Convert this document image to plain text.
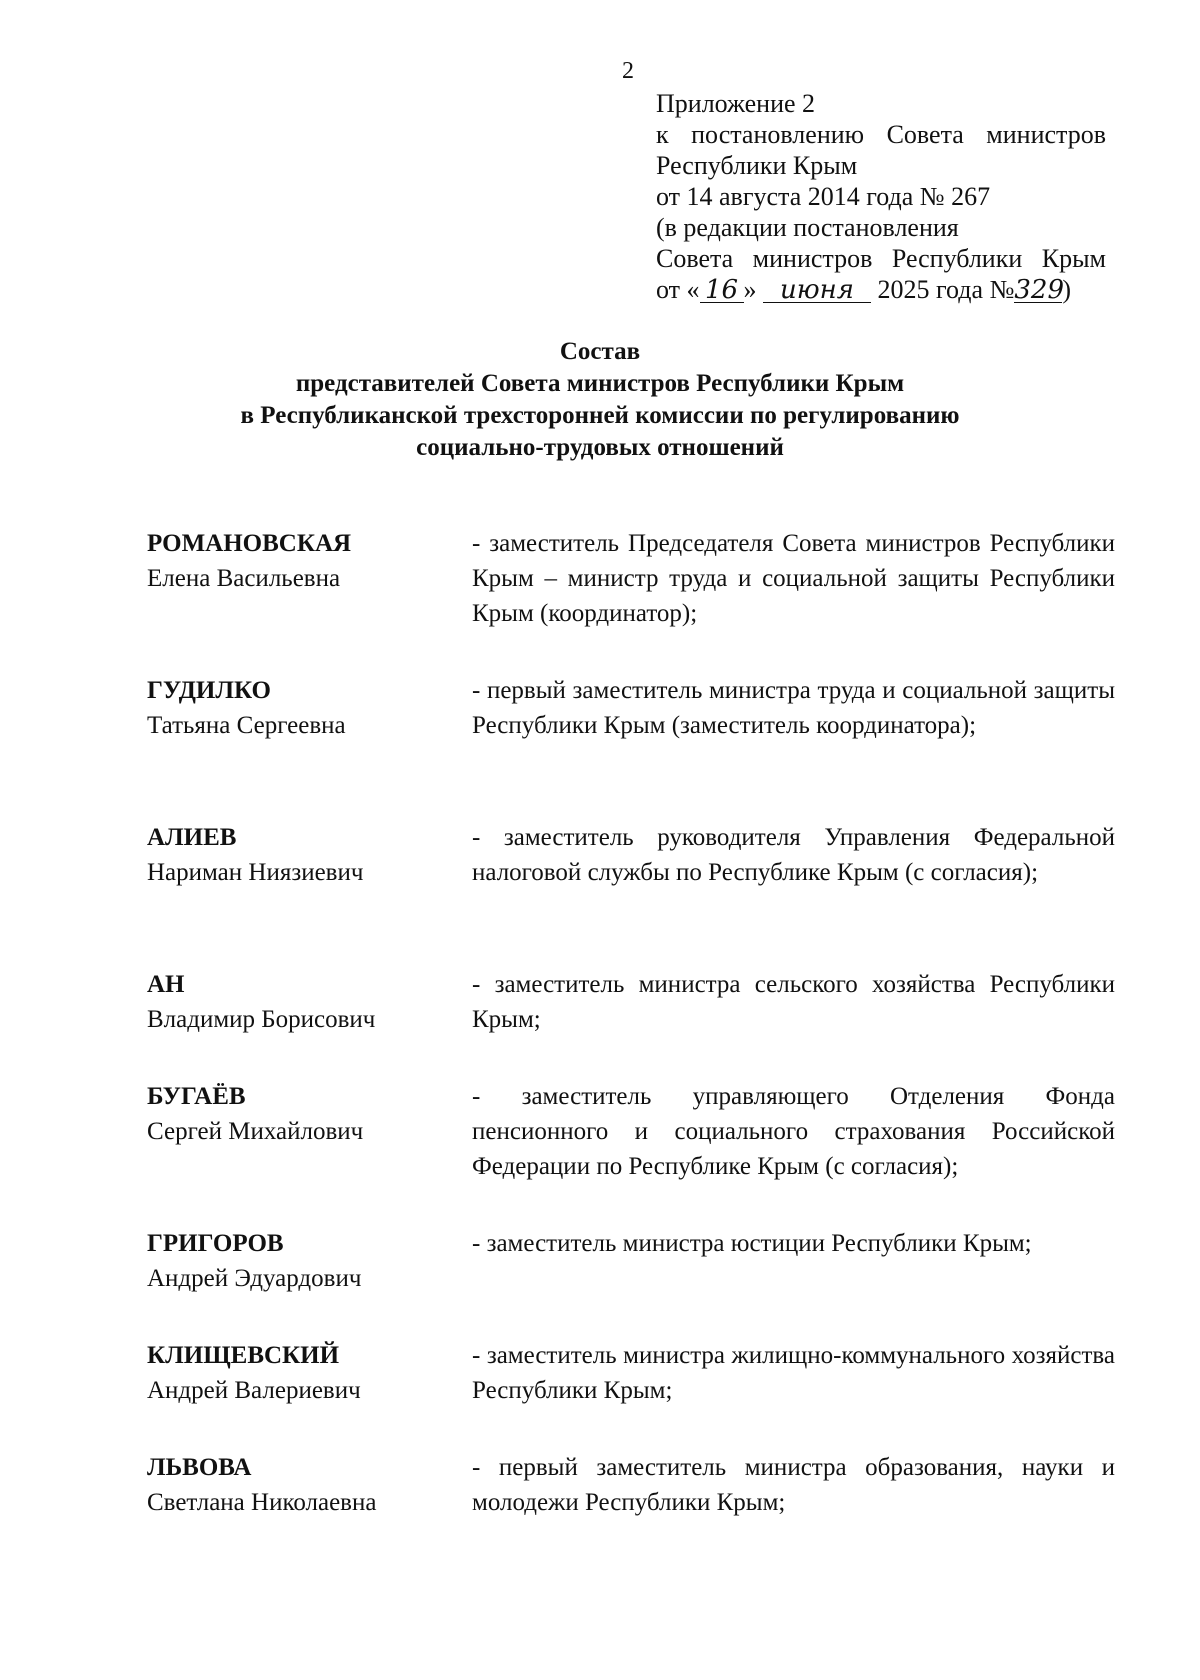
2
Приложение 2
к постановлению Совета министров
Республики Крым
от 14 августа 2014 года № 267
(в редакции постановления
Совета министров Республики Крым
от « 16 » июня 2025 года №329)
Состав
представителей Совета министров Республики Крым
в Республиканской трехсторонней комиссии по регулированию
социально-трудовых отношений
РОМАНОВСКАЯ
Елена Васильевна
- заместитель Председателя Совета министров Республики Крым – министр труда и социальной защиты Республики Крым (координатор);
ГУДИЛКО
Татьяна Сергеевна
- первый заместитель министра труда и социальной защиты Республики Крым (заместитель координатора);
АЛИЕВ
Нариман Ниязиевич
- заместитель руководителя Управления Федеральной налоговой службы по Республике Крым (с согласия);
АН
Владимир Борисович
- заместитель министра сельского хозяйства Республики Крым;
БУГАЁВ
Сергей Михайлович
- заместитель управляющего Отделения Фонда пенсионного и социального страхования Российской Федерации по Республике Крым (с согласия);
ГРИГОРОВ
Андрей Эдуардович
- заместитель министра юстиции Республики Крым;
КЛИЩЕВСКИЙ
Андрей Валериевич
- заместитель министра жилищно-коммунального хозяйства Республики Крым;
ЛЬВОВА
Светлана Николаевна
- первый заместитель министра образования, науки и молодежи Республики Крым;
